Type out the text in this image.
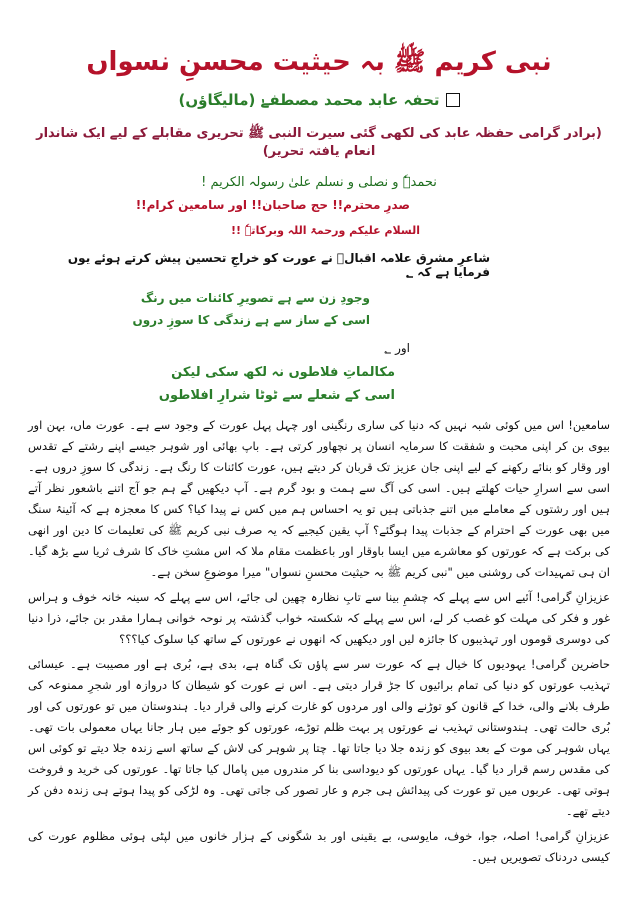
نبی کریم ﷺ بہ حیثیت محسنِ نسواں
تحفہ عابد محمد مصطفےٰ (مالیگاؤں)
(برادر گرامی حفظہ عابد کی لکھی گئی سیرت النبی ﷺ تحریری مقابلے کے لیے ایک شاندار انعام یافتہ تحریر)
نحمدہٗ و نصلی و نسلم علیٰ رسولہ الکریم !
صدرِ محترم!! حج صاحبان!! اور سامعین کرام!!
السلام علیکم ورحمۃ اللہ وبرکاتہٗ !!
شاعرِ مشرق علامہ اقبالؔ نے عورت کو خراجِ تحسین پیش کرتے ہوئے یوں فرمایا ہے کہ ؂
وجودِ زن سے ہے تصویرِ کائنات میں رنگ
اسی کے ساز سے ہے زندگی کا سوزِ دروں
اور ؂
مکالماتِ فلاطوں نہ لکھ سکی لیکن
اسی کے شعلے سے ٹوٹا شرارِ افلاطوں

سامعین! اس میں کوئی شبہ نہیں کہ دنیا کی ساری رنگینی اور چہل پہل عورت کے وجود سے ہے۔ عورت ماں، بہن اور بیوی بن کر اپنی محبت و شفقت کا سرمایہ انسان پر نچھاور کرتی ہے۔ باپ بھائی اور شوہر جیسے اپنے رشتے کے تقدس اور وقار کو بنائے رکھنے کے لیے اپنی جان عزیز تک قربان کر دیتے ہیں، عورت کائنات کا رنگ ہے۔ زندگی کا سوزِ دروں ہے۔ اسی سے اسرارِ حیات کھلتے ہیں۔ اسی کی آگ سے ہمت و بود گرم ہے۔ آپ دیکھیں گے ہم جو آج اتنے باشعور نظر آتے ہیں اور رشتوں کے معاملے میں اتنے جذباتی ہیں تو یہ احساس ہم میں کس نے پیدا کیا؟ کس کا معجزہ ہے کہ آئینۂ سنگ میں بھی عورت کے احترام کے جذبات پیدا ہوگئے؟ آپ یقین کیجیے کہ یہ صرف نبی کریم ﷺ کی تعلیمات کا دین اور انھی کی برکت ہے کہ عورتوں کو معاشرے میں ایسا باوقار اور باعظمت مقام ملا کہ اس مشتِ خاک کا شرف ثریا سے بڑھ گیا۔ ان ہی تمہیدات کی روشنی میں "نبی کریم ﷺ بہ حیثیت محسنِ نسواں" میرا موضوعِ سخن ہے۔

عزیزانِ گرامی! آئیے اس سے پہلے کہ چشمِ بینا سے تابِ نظارہ چھین لی جائے، اس سے پہلے کہ سینہ خانہ خوف و ہراس غور و فکر کی مہلت کو غصب کر لے، اس سے پہلے کہ شکستہ خواب گذشتہ پر نوحہ خوانی ہمارا مقدر بن جائے، ذرا دنیا کی دوسری قوموں اور تہذیبوں کا جائزہ لیں اور دیکھیں کہ انھوں نے عورتوں کے ساتھ کیا سلوک کیا؟؟؟

حاضرین گرامی! یہودیوں کا خیال ہے کہ عورت سر سے پاؤں تک گناہ ہے، بدی ہے، بُری ہے اور مصیبت ہے۔ عیسائی تہذیب عورتوں کو دنیا کی تمام برائیوں کا جڑ قرار دیتی ہے۔ اس نے عورت کو شیطان کا دروازہ اور شجرِ ممنوعہ کی طرف بلانے والی، خدا کے قانون کو توڑنے والی اور مردوں کو غارت کرنے والی قرار دیا۔ ہندوستان میں تو عورتوں کی اور بُری حالت تھی۔ ہندوستانی تہذیب نے عورتوں پر بہت ظلم توڑے، عورتوں کو جوئے میں ہار جانا یہاں معمولی بات تھی۔ یہاں شوہر کی موت کے بعد بیوی کو زندہ جلا دیا جاتا تھا۔ چتا پر شوہر کی لاش کے ساتھ اسے زندہ جلا دیتے تو کوئی اس کی مقدس رسم قرار دیا گیا۔ یہاں عورتوں کو دیوداسی بنا کر مندروں میں پامال کیا جاتا تھا۔ عورتوں کی خرید و فروخت ہوتی تھی۔ عربوں میں تو عورت کی پیدائش ہی جرم و عار تصور کی جاتی تھی۔ وہ لڑکی کو پیدا ہوتے ہی زندہ دفن کر دیتے تھے۔

عزیزانِ گرامی! اصلہ، جوا، خوف، مایوسی، بے یقینی اور بد شگونی کے ہزار خانوں میں لپٹی ہوئی مظلوم عورت کی کیسی دردناک تصویریں ہیں۔
